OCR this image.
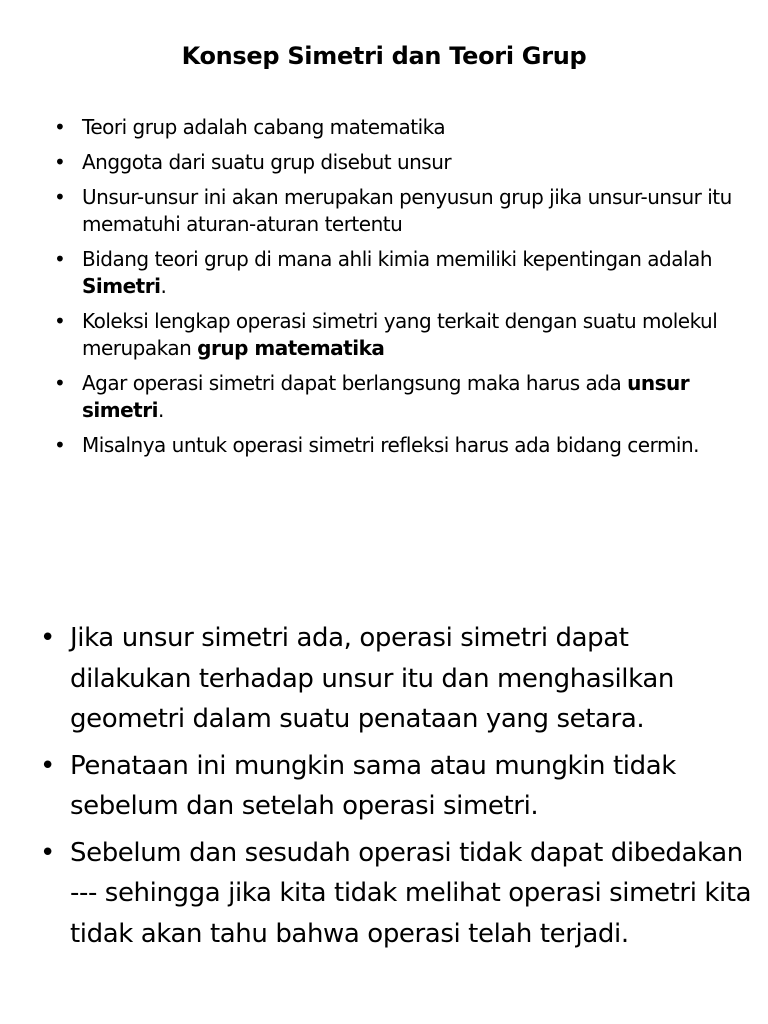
Konsep Simetri dan Teori Grup
• Teori grup adalah cabang matematika
• Anggota dari suatu grup disebut unsur
• Unsur-unsur ini akan merupakan penyusun grup jika unsur-unsur itu mematuhi aturan-aturan tertentu
• Bidang teori grup di mana ahli kimia memiliki kepentingan adalah Simetri.
• Koleksi lengkap operasi simetri yang terkait dengan suatu molekul merupakan grup matematika
• Agar operasi simetri dapat berlangsung maka harus ada unsur simetri.
• Misalnya untuk operasi simetri refleksi harus ada bidang cermin.
• Jika unsur simetri ada, operasi simetri dapat dilakukan terhadap unsur itu dan menghasilkan geometri dalam suatu penataan yang setara.
• Penataan ini mungkin sama atau mungkin tidak sebelum dan setelah operasi simetri.
• Sebelum dan sesudah operasi tidak dapat dibedakan --- sehingga jika kita tidak melihat operasi simetri kita tidak akan tahu bahwa operasi telah terjadi.
